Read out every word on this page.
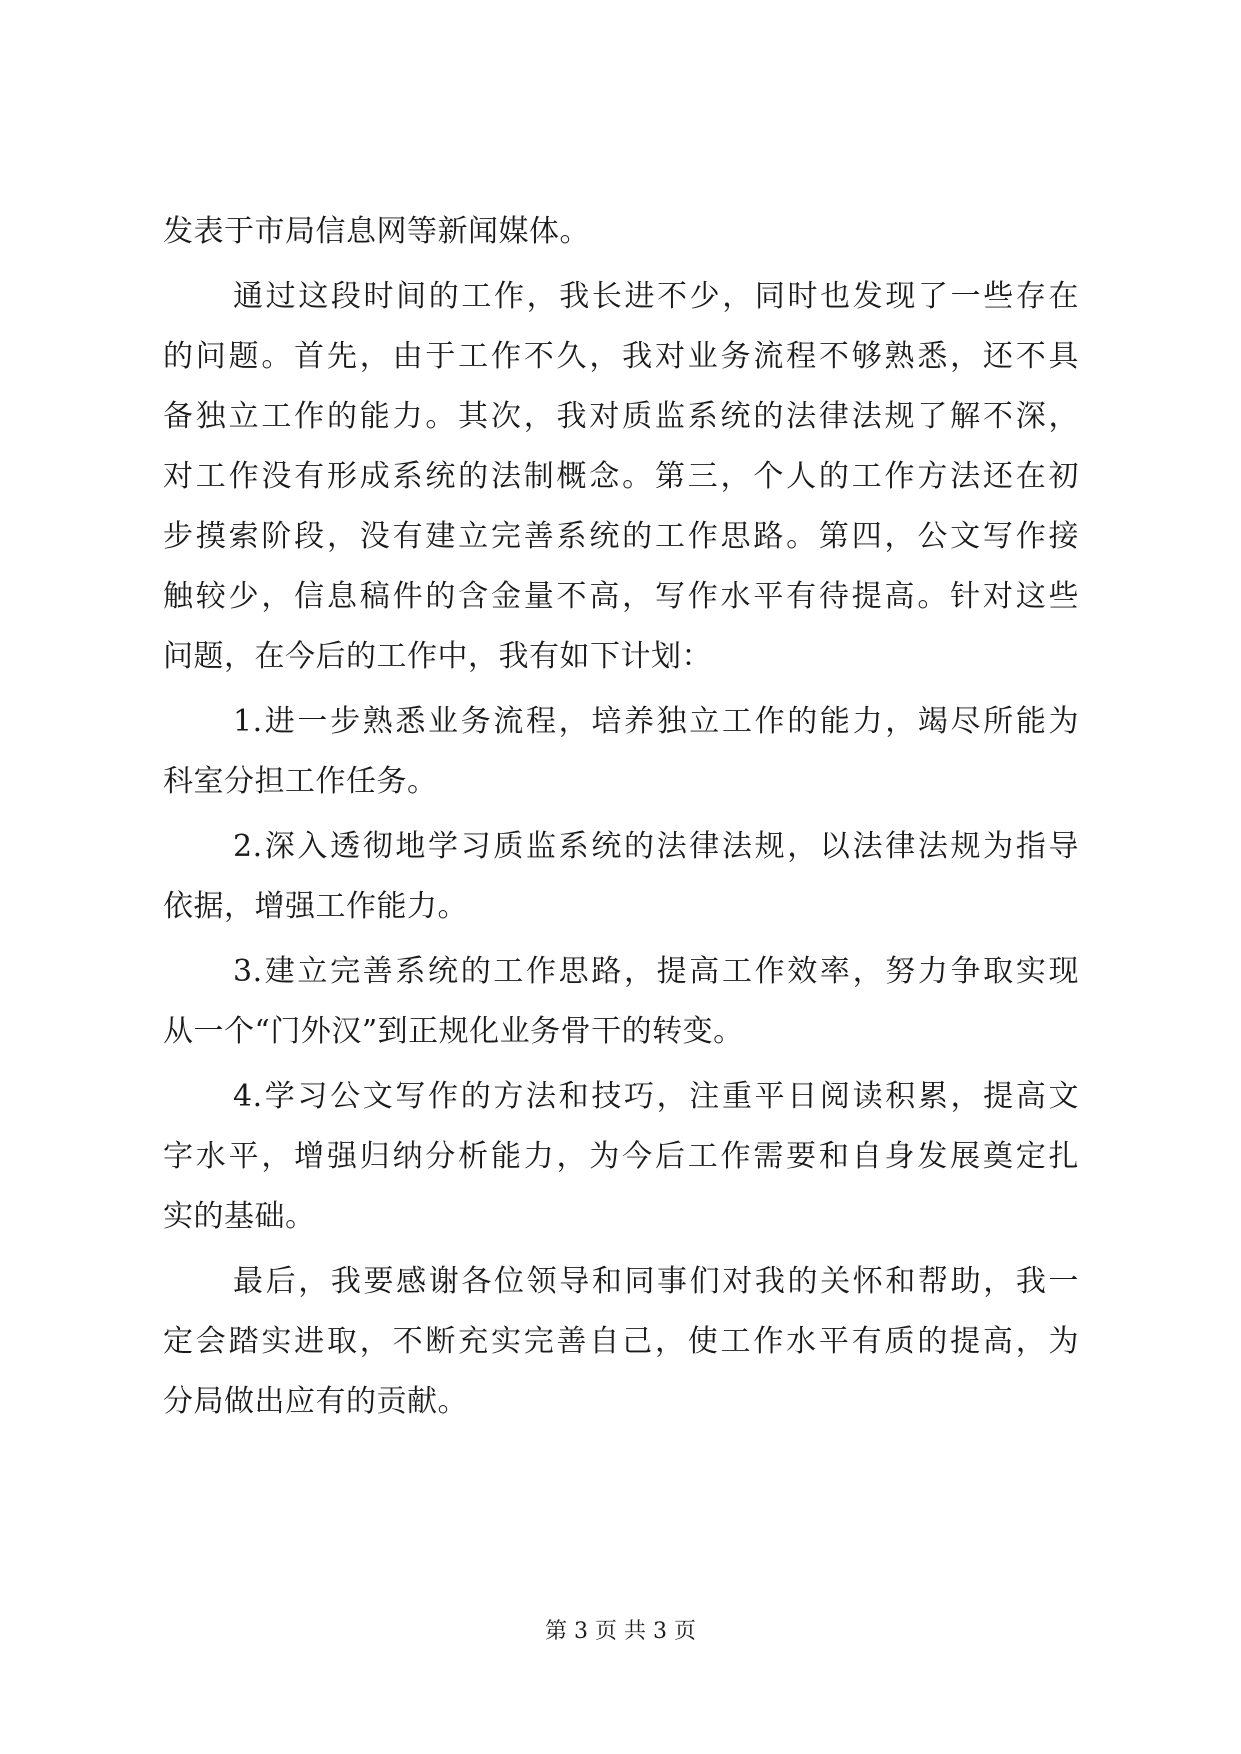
发表于市局信息网等新闻媒体。
通过这段时间的工作，我长进不少，同时也发现了一些存在
的问题。首先，由于工作不久，我对业务流程不够熟悉，还不具
备独立工作的能力。其次，我对质监系统的法律法规了解不深，
对工作没有形成系统的法制概念。第三，个人的工作方法还在初
步摸索阶段，没有建立完善系统的工作思路。第四，公文写作接
触较少，信息稿件的含金量不高，写作水平有待提高。针对这些
问题，在今后的工作中，我有如下计划：
1.进一步熟悉业务流程，培养独立工作的能力，竭尽所能为
科室分担工作任务。
2.深入透彻地学习质监系统的法律法规，以法律法规为指导
依据，增强工作能力。
3.建立完善系统的工作思路，提高工作效率，努力争取实现
从一个“门外汉”到正规化业务骨干的转变。
4.学习公文写作的方法和技巧，注重平日阅读积累，提高文
字水平，增强归纳分析能力，为今后工作需要和自身发展奠定扎
实的基础。
最后，我要感谢各位领导和同事们对我的关怀和帮助，我一
定会踏实进取，不断充实完善自己，使工作水平有质的提高，为
分局做出应有的贡献。
第 3 页 共 3 页
